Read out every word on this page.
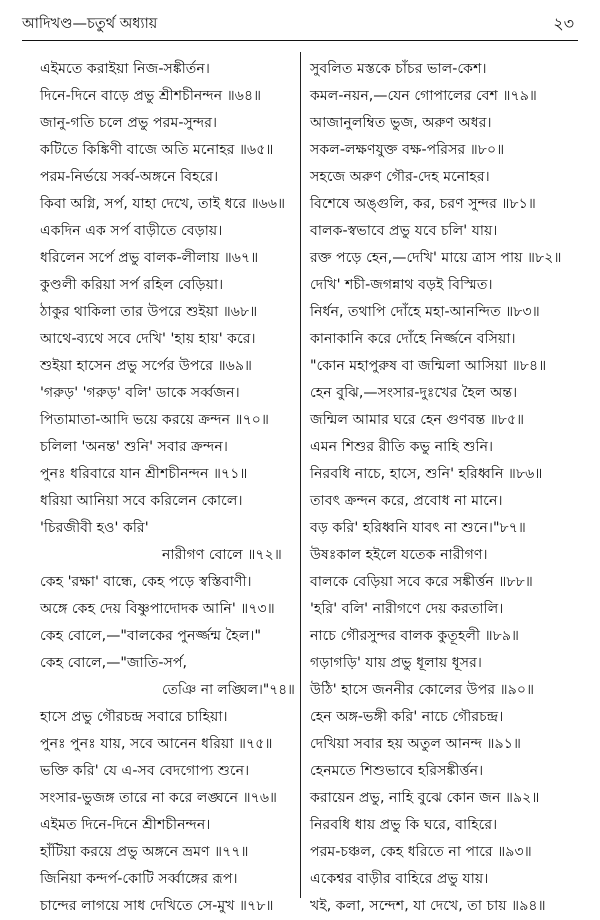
আদিখণ্ড—চতুর্থ অধ্যায়	২৩
এইমতে করাইয়া নিজ-সঙ্কীর্তন।
দিনে-দিনে বাড়ে প্রভু শ্রীশচীনন্দন ॥৬৪॥
জানু-গতি চলে প্রভু পরম-সুন্দর।
কটিতে কিঙ্কিণী বাজে অতি মনোহর ॥৬৫॥
পরম-নির্ভয়ে সর্ব্ব-অঙ্গনে বিহরে।
কিবা অগ্নি, সর্প, যাহা দেখে, তাই ধরে ॥৬৬॥
একদিন এক সর্প বাড়ীতে বেড়ায়।
ধরিলেন সর্পে প্রভু বালক-লীলায় ॥৬৭॥
কুণ্ডলী করিয়া সর্প রহিল বেড়িয়া।
ঠাকুর থাকিলা তার উপরে শুইয়া ॥৬৮॥
আথে-ব্যথে সবে দেখি' 'হায় হায়' করে।
শুইয়া হাসেন প্রভু সর্পের উপরে ॥৬৯॥
'গরুড়' 'গরুড়' বলি' ডাকে সর্ব্বজন।
পিতামাতা-আদি ভয়ে করয়ে ক্রন্দন ॥৭০॥
চলিলা 'অনন্ত' শুনি' সবার ক্রন্দন।
পুনঃ ধরিবারে যান শ্রীশচীনন্দন ॥৭১॥
ধরিয়া আনিয়া সবে করিলেন কোলে।
'চিরজীবী হও' করি'
নারীগণ বোলে ॥৭২॥
কেহ 'রক্ষা' বান্ধে, কেহ পড়ে স্বস্তিবাণী।
অঙ্গে কেহ দেয় বিষ্ণুপাদোদক আনি' ॥৭৩॥
কেহ বোলে,—"বালকের পুনর্জ্জন্ম হৈল।"
কেহ বোলে,—"জাতি-সর্প,
তেঞি না লঙ্ঘিল।"৭৪॥
হাসে প্রভু গৌরচন্দ্র সবারে চাহিয়া।
পুনঃ পুনঃ যায়, সবে আনেন ধরিয়া ॥৭৫॥
ভক্তি করি' যে এ-সব বেদগোপ্য শুনে।
সংসার-ভুজঙ্গ তারে না করে লঙ্ঘনে ॥৭৬॥
এইমত দিনে-দিনে শ্রীশচীনন্দন।
হাঁটিয়া করয়ে প্রভু অঙ্গনে ভ্রমণ ॥৭৭॥
জিনিয়া কন্দর্প-কোটি সর্ব্বাঙ্গের রূপ।
চান্দের লাগয়ে সাধ দেখিতে সে-মুখ ॥৭৮॥
সুবলিত মস্তকে চাঁচর ভাল-কেশ।
কমল-নয়ন,—যেন গোপালের বেশ ॥৭৯॥
আজানুলম্বিত ভুজ, অরুণ অধর।
সকল-লক্ষণযুক্ত বক্ষ-পরিসর ॥৮০॥
সহজে অরুণ গৌর-দেহ মনোহর।
বিশেষে অঙ্গুলি, কর, চরণ সুন্দর ॥৮১॥
বালক-স্বভাবে প্রভু যবে চলি' যায়।
রক্ত পড়ে হেন,—দেখি' মায়ে ত্রাস পায় ॥৮২॥
দেখি' শচী-জগন্নাথ বড়ই বিস্মিত।
নির্ধন, তথাপি দোঁহে মহা-আনন্দিত ॥৮৩॥
কানাকানি করে দোঁহে নির্জ্জনে বসিয়া।
"কোন মহাপুরুষ বা জন্মিলা আসিয়া ॥৮৪॥
হেন বুঝি,—সংসার-দুঃখের হৈল অন্ত।
জন্মিল আমার ঘরে হেন গুণবন্ত ॥৮৫॥
এমন শিশুর রীতি কভু নাহি শুনি।
নিরবধি নাচে, হাসে, শুনি' হরিধ্বনি ॥৮৬॥
তাবৎ ক্রন্দন করে, প্রবোধ না মানে।
বড় করি' হরিধ্বনি যাবৎ না শুনে।"৮৭॥
উষঃকাল হইলে যতেক নারীগণ।
বালকে বেড়িয়া সবে করে সঙ্কীর্ত্তন ॥৮৮॥
'হরি' বলি' নারীগণে দেয় করতালি।
নাচে গৌরসুন্দর বালক কুতূহলী ॥৮৯॥
গড়াগড়ি' যায় প্রভু ধূলায় ধূসর।
উঠি' হাসে জননীর কোলের উপর ॥৯০॥
হেন অঙ্গ-ভঙ্গী করি' নাচে গৌরচন্দ্র।
দেখিয়া সবার হয় অতুল আনন্দ ॥৯১॥
হেনমতে শিশুভাবে হরিসঙ্কীর্ত্তন।
করায়েন প্রভু, নাহি বুঝে কোন জন ॥৯২॥
নিরবধি ধায় প্রভু কি ঘরে, বাহিরে।
পরম-চঞ্চল, কেহ ধরিতে না পারে ॥৯৩॥
একেশ্বর বাড়ীর বাহিরে প্রভু যায়।
খই, কলা, সন্দেশ, যা দেখে, তা চায় ॥৯৪॥
